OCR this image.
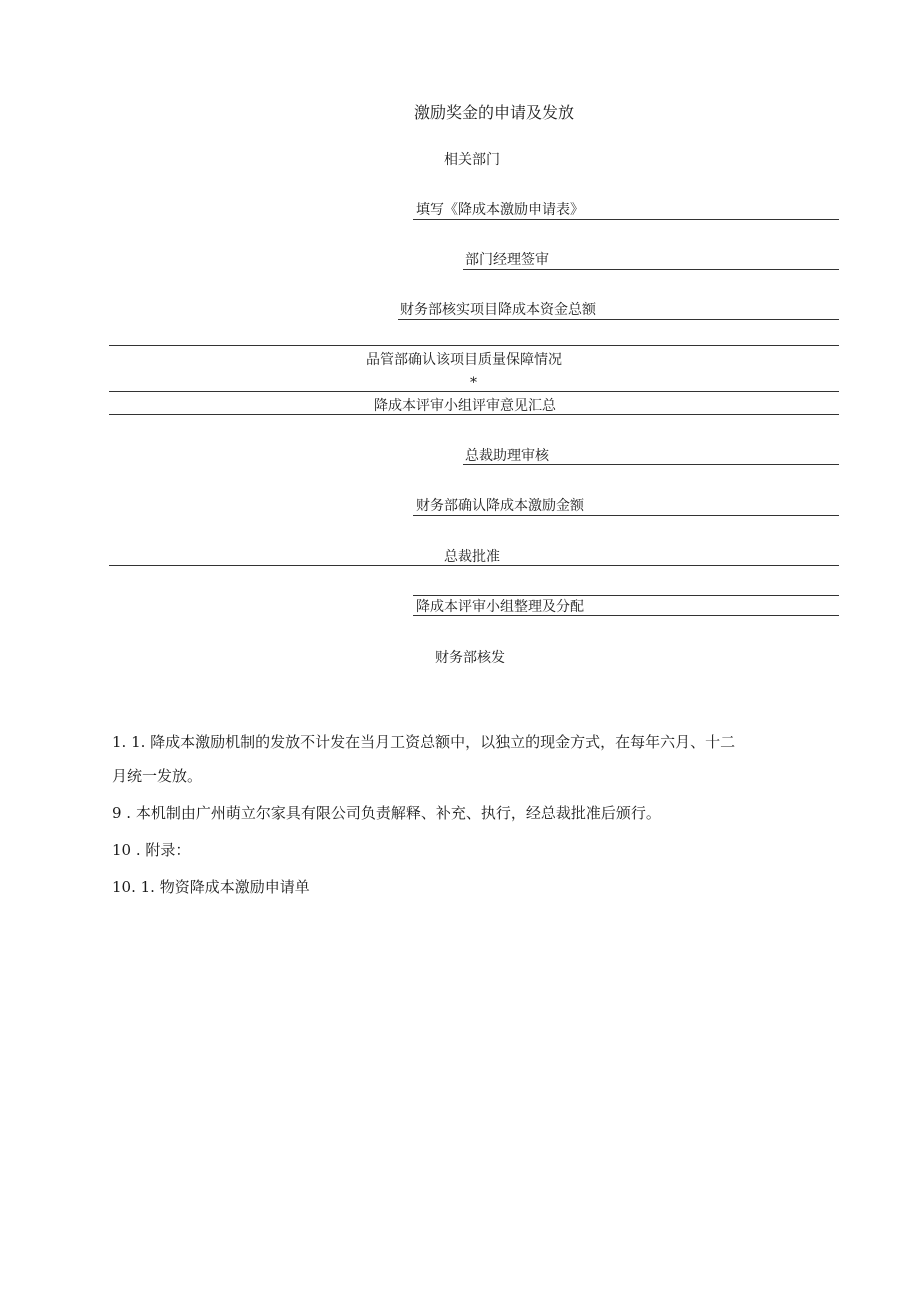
激励奖金的申请及发放
相关部门
填写《降成本激励申请表》
部门经理签审
财务部核实项目降成本资金总额
品管部确认该项目质量保障情况
*
降成本评审小组评审意见汇总
总裁助理审核
财务部确认降成本激励金额
总裁批准
降成本评审小组整理及分配
财务部核发
1. 1. 降成本激励机制的发放不计发在当月工资总额中，以独立的现金方式，在每年六月、十二
月统一发放。
9 . 本机制由广州萌立尔家具有限公司负责解释、补充、执行，经总裁批准后颁行。
10 . 附录：
10. 1. 物资降成本激励申请单
